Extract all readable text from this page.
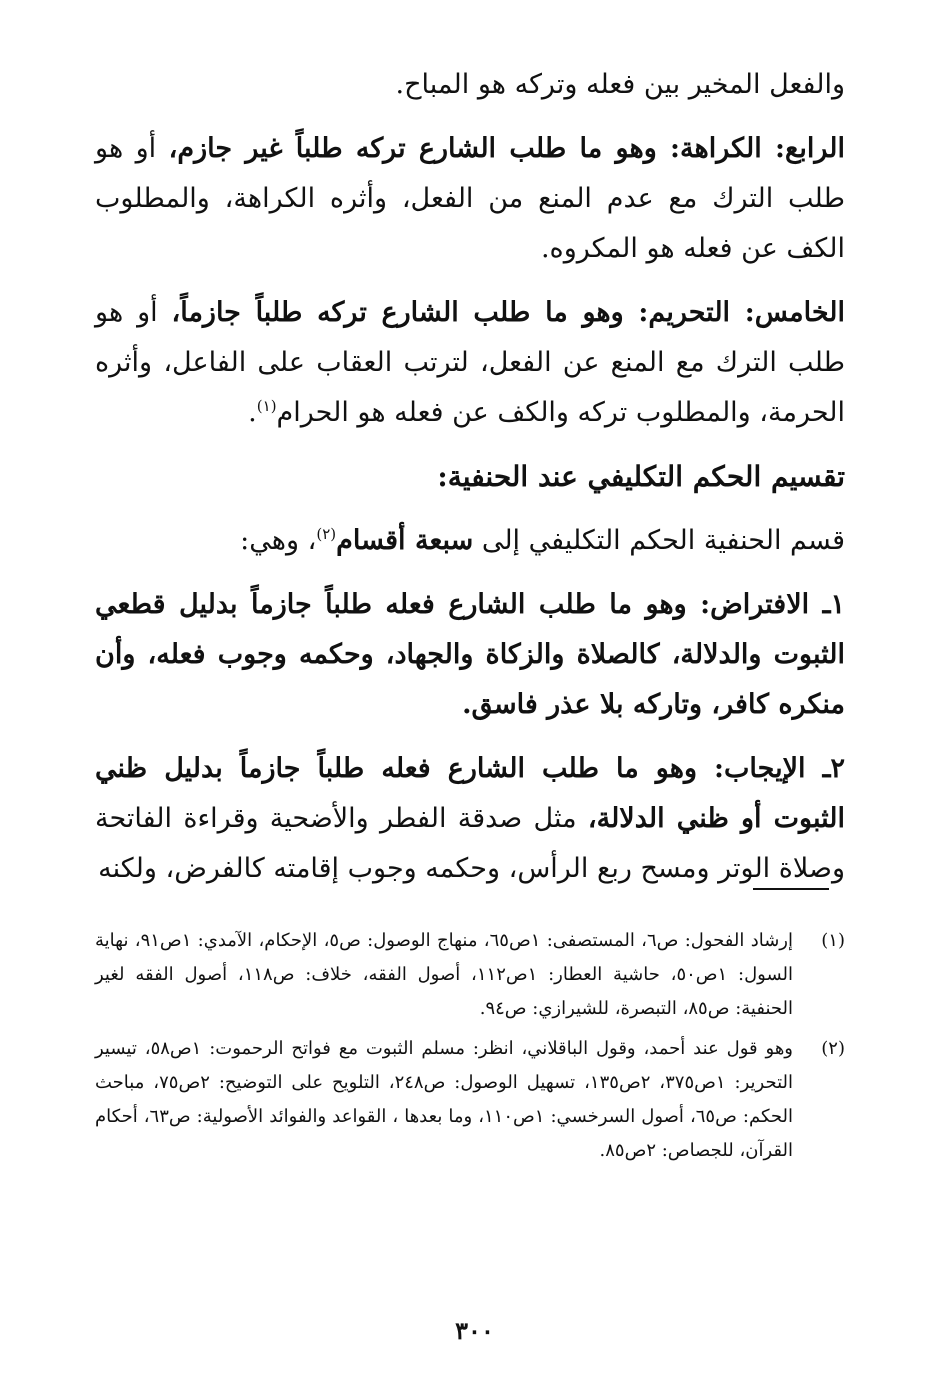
والفعل المخير بين فعله وتركه هو المباح.

الرابع: الكراهة: وهو ما طلب الشارع تركه طلباً غير جازم، أو هو طلب الترك مع عدم المنع من الفعل، وأثره الكراهة، والمطلوب الكف عن فعله هو المكروه.

الخامس: التحريم: وهو ما طلب الشارع تركه طلباً جازماً، أو هو طلب الترك مع المنع عن الفعل، لترتب العقاب على الفاعل، وأثره الحرمة، والمطلوب تركه والكف عن فعله هو الحرام$^{(١)}$.

تقسيم الحكم التكليفي عند الحنفية:

قسم الحنفية الحكم التكليفي إلى سبعة أقسام$^{(٢)}$، وهي:

١ـ الافتراض: وهو ما طلب الشارع فعله طلباً جازماً بدليل قطعي الثبوت والدلالة، كالصلاة والزكاة والجهاد، وحكمه وجوب فعله، وأن منكره كافر، وتاركه بلا عذر فاسق.

٢ـ الإيجاب: وهو ما طلب الشارع فعله طلباً جازماً بدليل ظني الثبوت أو ظني الدلالة، مثل صدقة الفطر والأضحية وقراءة الفاتحة وصلاة الوتر ومسح ربع الرأس، وحكمه وجوب إقامته كالفرض، ولكنه

(١)
إرشاد الفحول: ص٦، المستصفى: ١ص٦٥، منهاج الوصول: ص٥، الإحكام، الآمدي: ١ص٩١، نهاية السول: ١ص٥٠، حاشية العطار: ١ص١١٢، أصول الفقه، خلاف: ص١١٨، أصول الفقه لغير الحنفية: ص٨٥، التبصرة، للشيرازي: ص٩٤.
(٢)
وهو قول عند أحمد، وقول الباقلاني، انظر: مسلم الثبوت مع فواتح الرحموت: ١ص٥٨، تيسير التحرير: ١ص٣٧٥، ٢ص١٣٥، تسهيل الوصول: ص٢٤٨، التلويح على التوضيح: ٢ص٧٥، مباحث الحكم: ص٦٥، أصول السرخسي: ١ص١١٠، وما بعدها ، القواعد والفوائد الأصولية: ص٦٣، أحكام القرآن، للجصاص: ٢ص٨٥.
٣٠٠
